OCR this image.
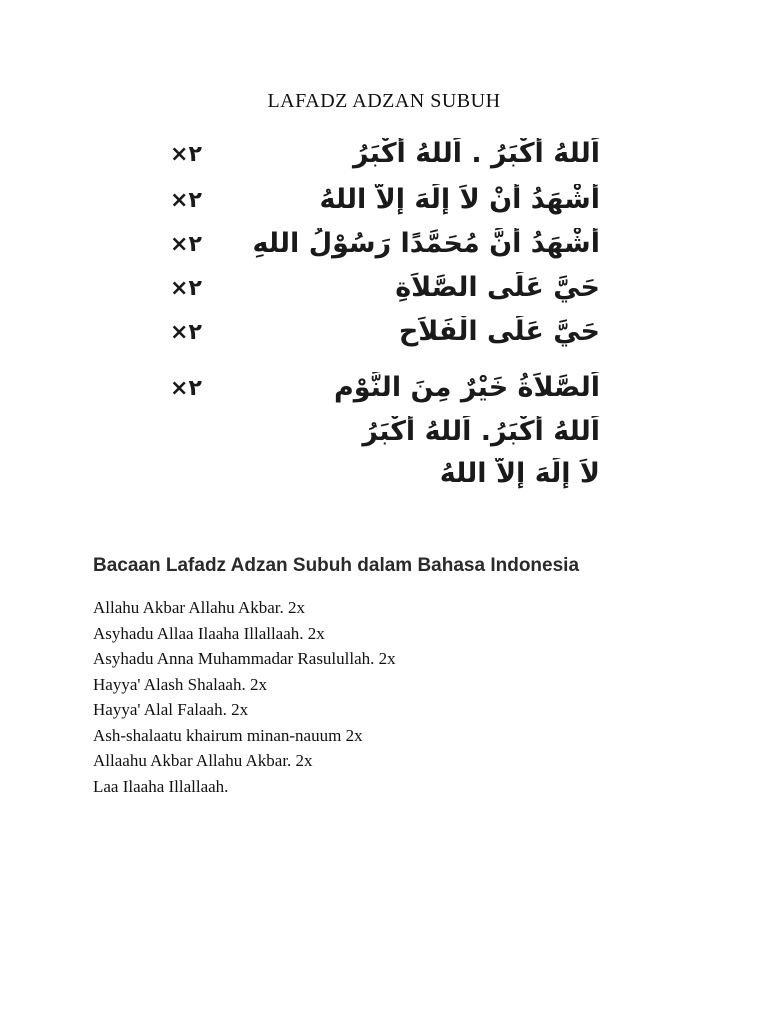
LAFADZ ADZAN SUBUH
×٢	اَللهُ أَكْبَرُ . اَللهُ أَكْبَرُ
×٢	أَشْهَدُ أَنْ لاَ إِلَهَ إِلاَّ اللهُ
×٢	أَشْهَدُ أَنَّ مُحَمَّدًا رَسُوْلُ اللهِ
×٢	حَيَّ عَلَى الصَّلاَةِ
×٢	حَيَّ عَلَى الْفَلاَحِ
×٢	اَلصَّلاَةُ خَيْرٌ مِنَ النَّوْمِ
اَللهُ أَكْبَرُ. اَللهُ أَكْبَرُ
لاَ إِلَهَ إِلاَّ اللهُ
Bacaan Lafadz Adzan Subuh dalam Bahasa Indonesia
Allahu Akbar Allahu Akbar. 2x
Asyhadu Allaa Ilaaha Illallaah. 2x
Asyhadu Anna Muhammadar Rasulullah. 2x
Hayya' Alash Shalaah. 2x
Hayya' Alal Falaah. 2x
Ash-shalaatu khairum minan-nauum 2x
Allaahu Akbar Allahu Akbar. 2x
Laa Ilaaha Illallaah.
